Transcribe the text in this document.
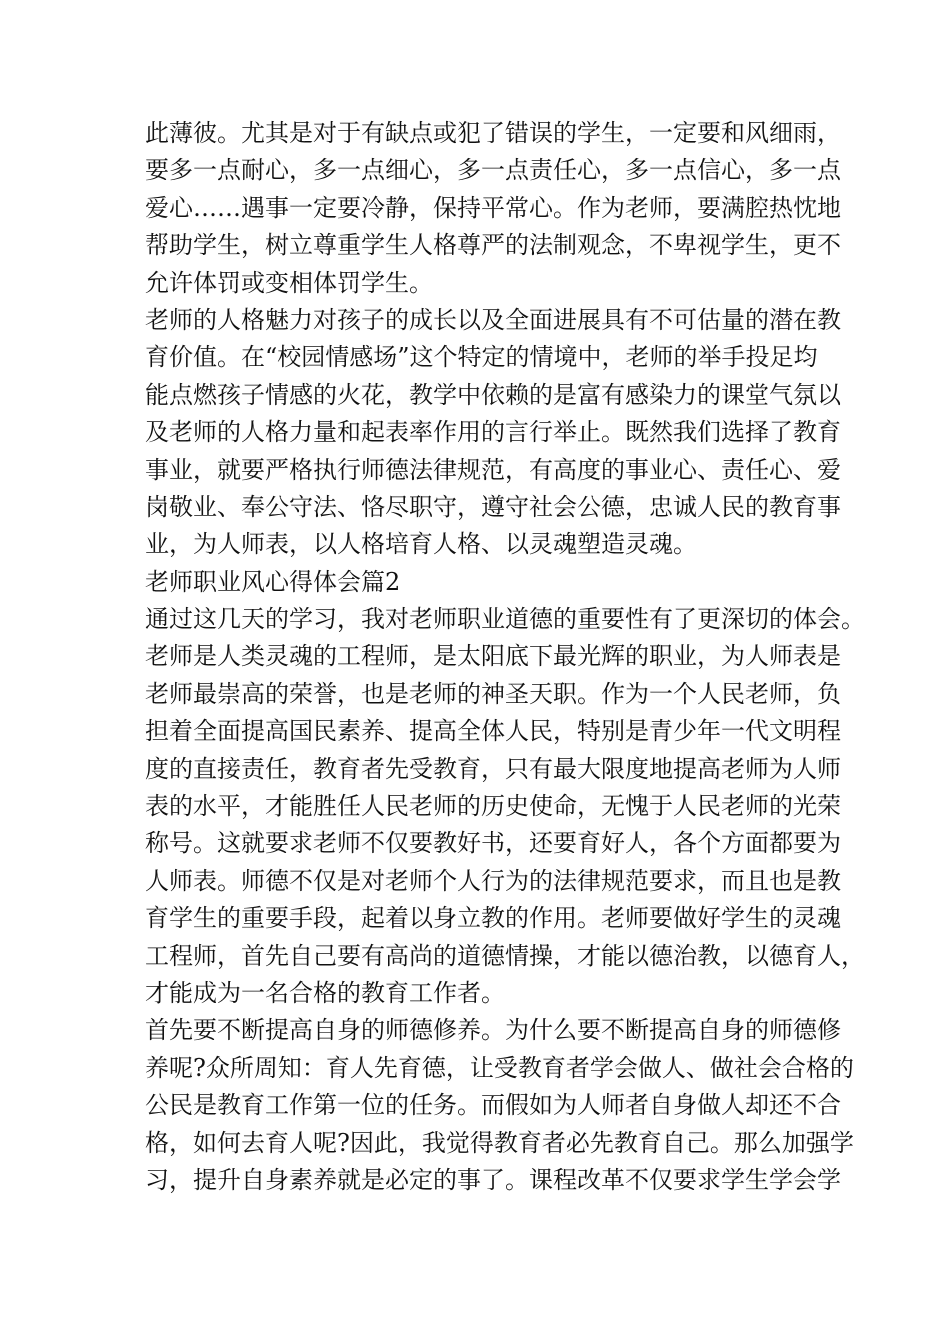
此薄彼。尤其是对于有缺点或犯了错误的学生，一定要和风细雨，
要多一点耐心，多一点细心，多一点责任心，多一点信心，多一点
爱心……遇事一定要冷静，保持平常心。作为老师，要满腔热忱地
帮助学生，树立尊重学生人格尊严的法制观念，不卑视学生，更不
允许体罚或变相体罚学生。
老师的人格魅力对孩子的成长以及全面进展具有不可估量的潜在教
育价值。在“校园情感场”这个特定的情境中，老师的举手投足均
能点燃孩子情感的火花，教学中依赖的是富有感染力的课堂气氛以
及老师的人格力量和起表率作用的言行举止。既然我们选择了教育
事业，就要严格执行师德法律规范，有高度的事业心、责任心、爱
岗敬业、奉公守法、恪尽职守，遵守社会公德，忠诚人民的教育事
业，为人师表，以人格培育人格、以灵魂塑造灵魂。
老师职业风心得体会篇2
通过这几天的学习，我对老师职业道德的重要性有了更深切的体会。
老师是人类灵魂的工程师，是太阳底下最光辉的职业，为人师表是
老师最崇高的荣誉，也是老师的神圣天职。作为一个人民老师，负
担着全面提高国民素养、提高全体人民，特别是青少年一代文明程
度的直接责任，教育者先受教育，只有最大限度地提高老师为人师
表的水平，才能胜任人民老师的历史使命，无愧于人民老师的光荣
称号。这就要求老师不仅要教好书，还要育好人，各个方面都要为
人师表。师德不仅是对老师个人行为的法律规范要求，而且也是教
育学生的重要手段，起着以身立教的作用。老师要做好学生的灵魂
工程师，首先自己要有高尚的道德情操，才能以德治教，以德育人，
才能成为一名合格的教育工作者。
首先要不断提高自身的师德修养。为什么要不断提高自身的师德修
养呢?众所周知：育人先育德，让受教育者学会做人、做社会合格的
公民是教育工作第一位的任务。而假如为人师者自身做人却还不合
格，如何去育人呢?因此，我觉得教育者必先教育自己。那么加强学
习，提升自身素养就是必定的事了。课程改革不仅要求学生学会学
